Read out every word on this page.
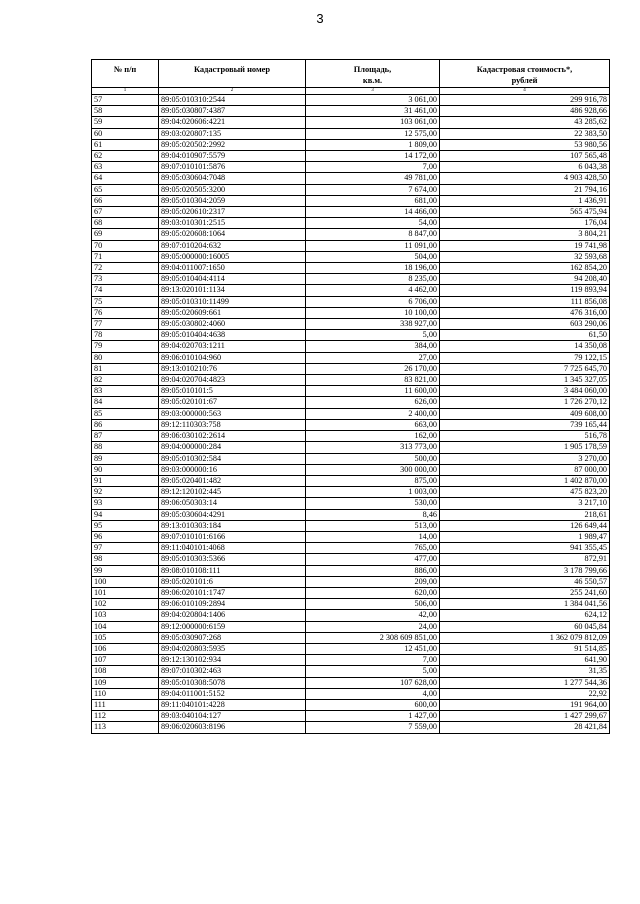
3
№ п/п	Кадастровый номер	Площадь,
кв.м.	Кадастровая стоимость*,
рублей
1	2	3	4
57	89:05:010310:2544	3 061,00	299 916,78
58	89:05:030807:4387	31 461,00	486 928,66
59	89:04:020606:4221	103 061,00	43 285,62
60	89:03:020807:135	12 575,00	22 383,50
61	89:05:020502:2992	1 809,00	53 980,56
62	89:04:010907:5579	14 172,00	107 565,48
63	89:07:010101:5876	7,00	6 043,38
64	89:05:030604:7048	49 781,00	4 903 428,50
65	89:05:020505:3200	7 674,00	21 794,16
66	89:05:010304:2059	681,00	1 436,91
67	89:05:020610:2317	14 466,00	565 475,94
68	89:03:010301:2515	54,00	176,04
69	89:05:020608:1064	8 847,00	3 804,21
70	89:07:010204:632	11 091,00	19 741,98
71	89:05:000000:16005	504,00	32 593,68
72	89:04:011007:1650	18 196,00	162 854,20
73	89:05:010404:4114	8 235,00	94 208,40
74	89:13:020101:1134	4 462,00	119 893,94
75	89:05:010310:11499	6 706,00	111 856,08
76	89:05:020609:661	10 100,00	476 316,00
77	89:05:030802:4060	338 927,00	603 290,06
78	89:05:010404:4638	5,00	61,50
79	89:04:020703:1211	384,00	14 350,08
80	89:06:010104:960	27,00	79 122,15
81	89:13:010210:76	26 170,00	7 725 645,70
82	89:04:020704:4823	83 821,00	1 345 327,05
83	89:05:010101:5	11 600,00	3 484 060,00
84	89:05:020101:67	626,00	1 726 270,12
85	89:03:000000:563	2 400,00	409 608,00
86	89:12:110303:758	663,00	739 165,44
87	89:06:030102:2614	162,00	516,78
88	89:04:000000:284	313 773,00	1 905 178,59
89	89:05:010302:584	500,00	3 270,00
90	89:03:000000:16	300 000,00	87 000,00
91	89:05:020401:482	875,00	1 402 870,00
92	89:12:120102:445	1 003,00	475 823,20
93	89:06:050303:14	530,00	3 217,10
94	89:05:030604:4291	8,46	218,61
95	89:13:010303:184	513,00	126 649,44
96	89:07:010101:6166	14,00	1 989,47
97	89:11:040101:4068	765,00	941 355,45
98	89:05:010303:5366	477,00	872,91
99	89:08:010108:111	886,00	3 178 799,66
100	89:05:020101:6	209,00	46 550,57
101	89:06:020101:1747	620,00	255 241,60
102	89:06:010109:2894	506,00	1 384 041,56
103	89:04:020804:1406	42,00	624,12
104	89:12:000000:6159	24,00	60 045,84
105	89:05:030907:268	2 308 609 851,00	1 362 079 812,09
106	89:04:020803:5935	12 451,00	91 514,85
107	89:12:130102:934	7,00	641,90
108	89:07:010302:463	5,00	31,35
109	89:05:010308:5078	107 628,00	1 277 544,36
110	89:04:011001:5152	4,00	22,92
111	89:11:040101:4228	600,00	191 964,00
112	89:03:040104:127	1 427,00	1 427 299,67
113	89:06:020603:8196	7 559,00	28 421,84
